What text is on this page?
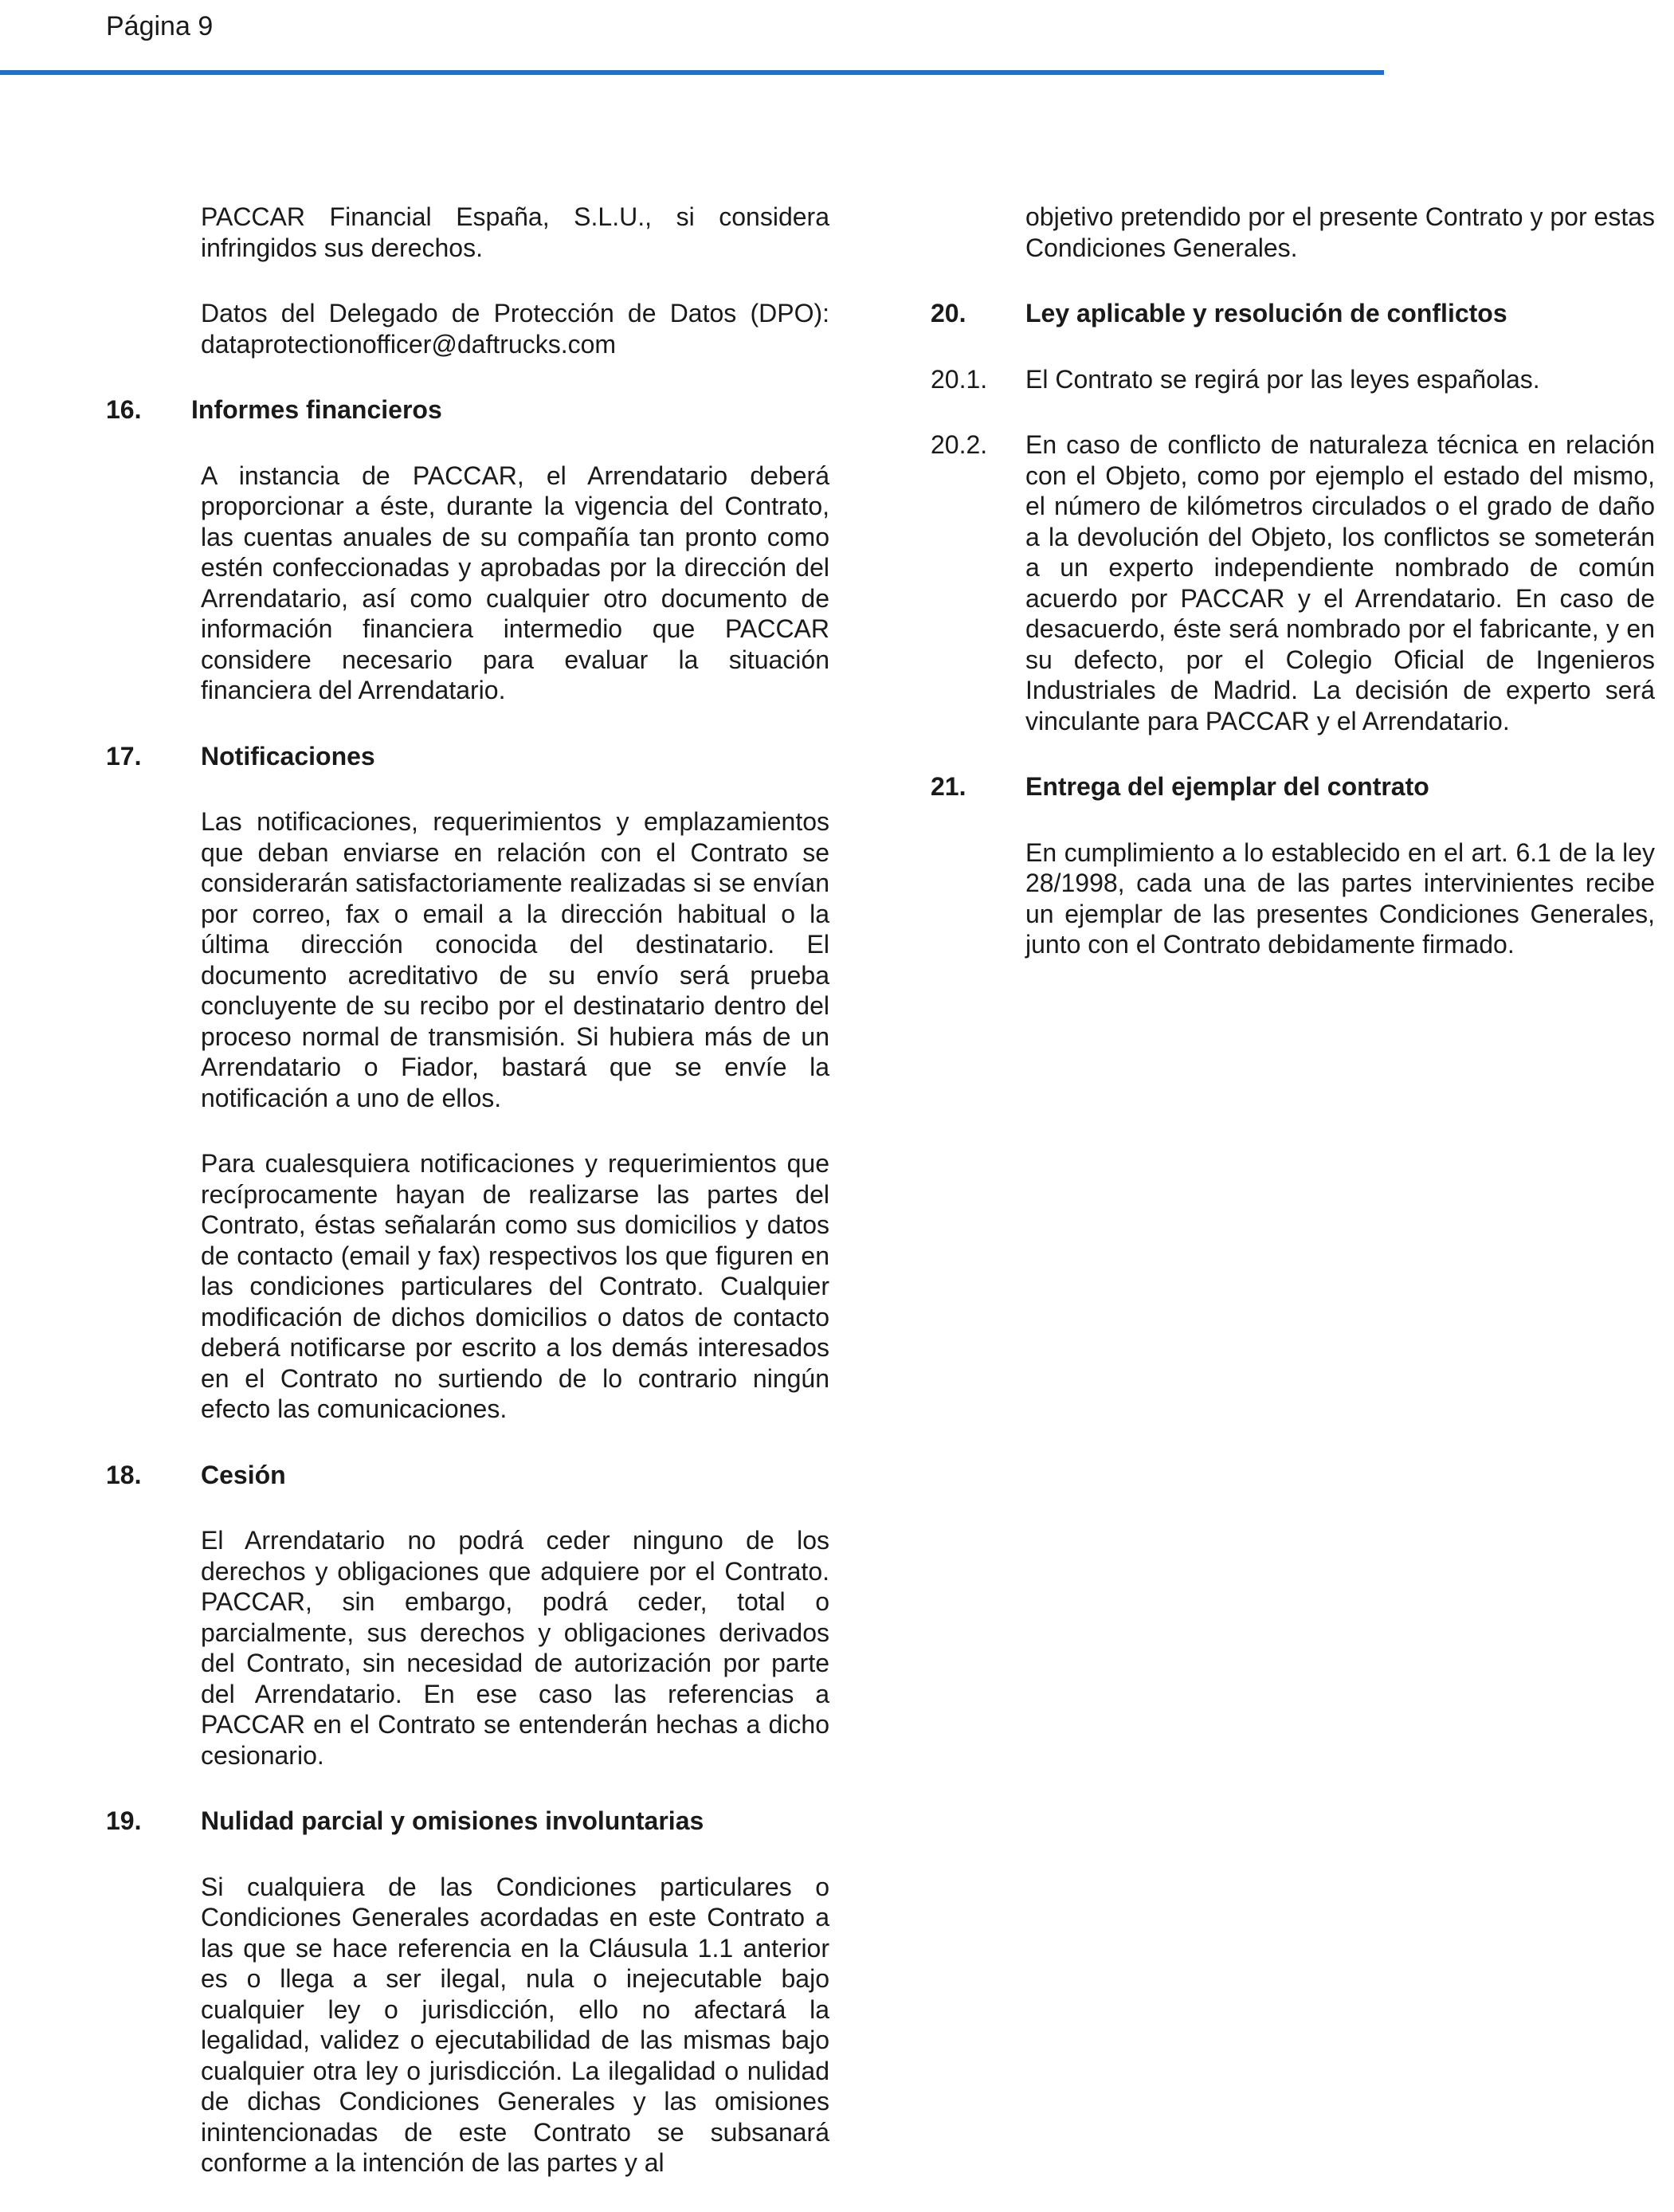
Página 9

PACCAR Financial España, S.L.U., si considera infringidos sus derechos.

Datos del Delegado de Protección de Datos (DPO): dataprotectionofficer@daftrucks.com

16.	Informes financieros

A instancia de PACCAR, el Arrendatario deberá proporcionar a éste, durante la vigencia del Contrato, las cuentas anuales de su compañía tan pronto como estén confeccionadas y aprobadas por la dirección del Arrendatario, así como cualquier otro documento de información financiera intermedio que PACCAR considere necesario para evaluar la situación financiera del Arrendatario.

17.	Notificaciones

Las notificaciones, requerimientos y emplazamientos que deban enviarse en relación con el Contrato se considerarán satisfactoriamente realizadas si se envían por correo, fax o email a la dirección habitual o la última dirección conocida del destinatario. El documento acreditativo de su envío será prueba concluyente de su recibo por el destinatario dentro del proceso normal de transmisión. Si hubiera más de un Arrendatario o Fiador, bastará que se envíe la notificación a uno de ellos.

Para cualesquiera notificaciones y requerimientos que recíprocamente hayan de realizarse las partes del Contrato, éstas señalarán como sus domicilios y datos de contacto (email y fax) respectivos los que figuren en las condiciones particulares del Contrato. Cualquier modificación de dichos domicilios o datos de contacto deberá notificarse por escrito a los demás interesados en el Contrato no surtiendo de lo contrario ningún efecto las comunicaciones.

18.	Cesión

El Arrendatario no podrá ceder ninguno de los derechos y obligaciones que adquiere por el Contrato. PACCAR, sin embargo, podrá ceder, total o parcialmente, sus derechos y obligaciones derivados del Contrato, sin necesidad de autorización por parte del Arrendatario. En ese caso las referencias a PACCAR en el Contrato se entenderán hechas a dicho cesionario.

19.	Nulidad parcial y omisiones involuntarias

Si cualquiera de las Condiciones particulares o Condiciones Generales acordadas en este Contrato a las que se hace referencia en la Cláusula 1.1 anterior es o llega a ser ilegal, nula o inejecutable bajo cualquier ley o jurisdicción, ello no afectará la legalidad, validez o ejecutabilidad de las mismas bajo cualquier otra ley o jurisdicción. La ilegalidad o nulidad de dichas Condiciones Generales y las omisiones inintencionadas de este Contrato se subsanará conforme a la intención de las partes y al

objetivo pretendido por el presente Contrato y por estas Condiciones Generales.

20.	Ley aplicable y resolución de conflictos
20.1.	El Contrato se regirá por las leyes españolas.
20.2.	En caso de conflicto de naturaleza técnica en relación con el Objeto, como por ejemplo el estado del mismo, el número de kilómetros circulados o el grado de daño a la devolución del Objeto, los conflictos se someterán a un experto independiente nombrado de común acuerdo por PACCAR y el Arrendatario. En caso de desacuerdo, éste será nombrado por el fabricante, y en su defecto, por el Colegio Oficial de Ingenieros Industriales de Madrid. La decisión de experto será vinculante para PACCAR y el Arrendatario.
21.	Entrega del ejemplar del contrato

En cumplimiento a lo establecido en el art. 6.1 de la ley 28/1998, cada una de las partes intervinientes recibe un ejemplar de las presentes Condiciones Generales, junto con el Contrato debidamente firmado.
